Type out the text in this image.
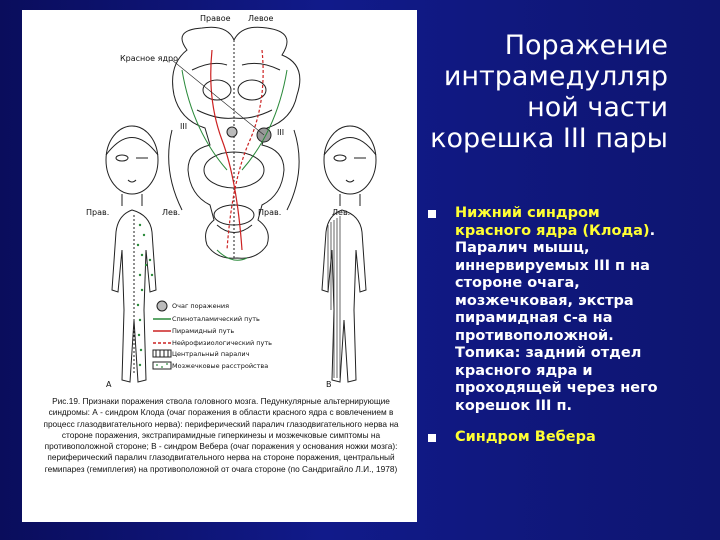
Правое Левое
Красное ядро
III
III
Прав.	Лев.	Прав.	Лев.
А	В
Очаг поражения
Спиноталамический путь
Пирамидный путь
Нейрофизиологический путь
Центральный паралич
Мозжечковые расстройства
Рис.19. Признаки поражения ствола головного мозга. Педункулярные альтернирующие синдромы: А - синдром Клода (очаг поражения в области красного ядра с вовлечением в процесс глазодвигательного нерва): периферический паралич глазодвигательного нерва на стороне поражения, экстрапирамидные гиперкинезы и мозжечковые симптомы на противоположной стороне; В - синдром Вебера (очаг поражения у основания ножки мозга): периферический паралич глазодвигательного нерва на стороне поражения, центральный гемипарез (гемиплегия) на противоположной от очага стороне (по Сандригайло Л.И., 1978)
Поражение интрамедулляр ной части корешка III пары
Нижний синдром красного ядра (Клода). Паралич мышц, иннервируемых III п на стороне очага, мозжечковая, экстра пирамидная с-а на противоположной. Топика: задний отдел красного ядра и проходящей через него корешок III п.
Синдром Вебера
